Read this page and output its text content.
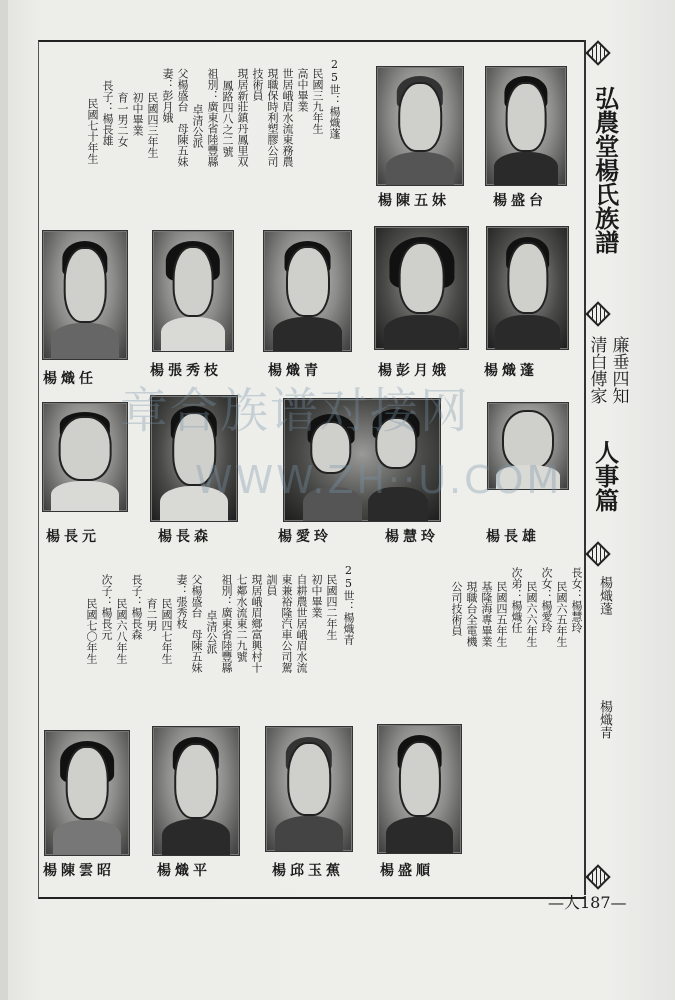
弘農堂楊氏族譜
廉垂四知
清白傳家
人事篇
楊熾蓬
楊熾青
楊盛台
楊陳五妹
25世：楊熾蓬
民國三九年生
高中畢業
世居峨眉水流東務農
現職保時利塑膠公司
技術員
現居新莊鎮丹鳳里双
鳳路四八之二號
祖別：廣東省陸豐縣
卓清公派
父楊盛台　母陳五妹
妻：彭月娥
民國四三年生
初中畢業
育一男二女
長子：楊長雄
民國七十年生
楊熾蓬
楊彭月娥
楊熾青
楊張秀枝
楊熾任
楊長雄
楊慧玲
楊愛玲
楊長森
楊長元
長女：楊慧玲
民國六五年生
次女：楊愛玲
民國六六年生
次弟：楊熾任
民國四五年生
基隆海專畢業
現職台全電機
公司技術員
25世：楊熾青
民國四二年生
初中畢業
自耕農世居峨眉水流
東兼裕隆汽車公司駕
訓員
現居峨眉鄉富興村十
七鄰水流東二九號
祖別：廣東省陸豐縣
卓清公派
父楊盛台　母陳五妹
妻：張秀枝
民國四七年生
育二男
長子：楊長森
民國六八年生
次子：楊長元
民國七〇年生
楊盛順
楊邱玉蕉
楊熾平
楊陳雲昭
—人187—
章合族谱对接网
WWW.ZH··U.COM
